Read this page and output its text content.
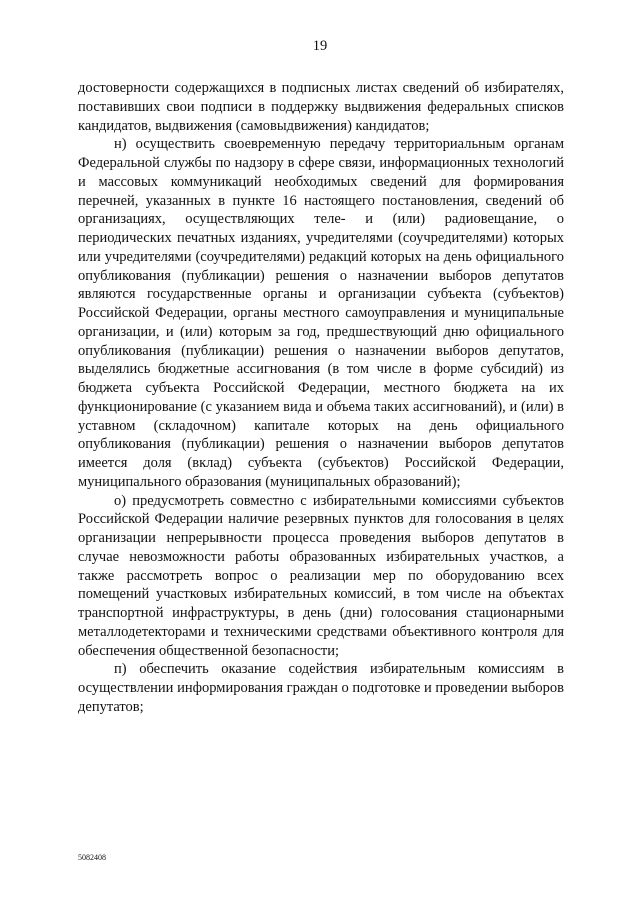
19

достоверности содержащихся в подписных листах сведений об избирателях, поставивших свои подписи в поддержку выдвижения федеральных списков кандидатов, выдвижения (самовыдвижения) кандидатов;

н) осуществить своевременную передачу территориальным органам Федеральной службы по надзору в сфере связи, информационных технологий и массовых коммуникаций необходимых сведений для формирования перечней, указанных в пункте 16 настоящего постановления, сведений об организациях, осуществляющих теле- и (или) радиовещание, о периодических печатных изданиях, учредителями (соучредителями) которых или учредителями (соучредителями) редакций которых на день официального опубликования (публикации) решения о назначении выборов депутатов являются государственные органы и организации субъекта (субъектов) Российской Федерации, органы местного самоуправления и муниципальные организации, и (или) которым за год, предшествующий дню официального опубликования (публикации) решения о назначении выборов депутатов, выделялись бюджетные ассигнования (в том числе в форме субсидий) из бюджета субъекта Российской Федерации, местного бюджета на их функционирование (с указанием вида и объема таких ассигнований), и (или) в уставном (складочном) капитале которых на день официального опубликования (публикации) решения о назначении выборов депутатов имеется доля (вклад) субъекта (субъектов) Российской Федерации, муниципального образования (муниципальных образований);

о) предусмотреть совместно с избирательными комиссиями субъектов Российской Федерации наличие резервных пунктов для голосования в целях организации непрерывности процесса проведения выборов депутатов в случае невозможности работы образованных избирательных участков, а также рассмотреть вопрос о реализации мер по оборудованию всех помещений участковых избирательных комиссий, в том числе на объектах транспортной инфраструктуры, в день (дни) голосования стационарными металлодетекторами и техническими средствами объективного контроля для обеспечения общественной безопасности;

п) обеспечить оказание содействия избирательным комиссиям в осуществлении информирования граждан о подготовке и проведении выборов депутатов;

5082408
